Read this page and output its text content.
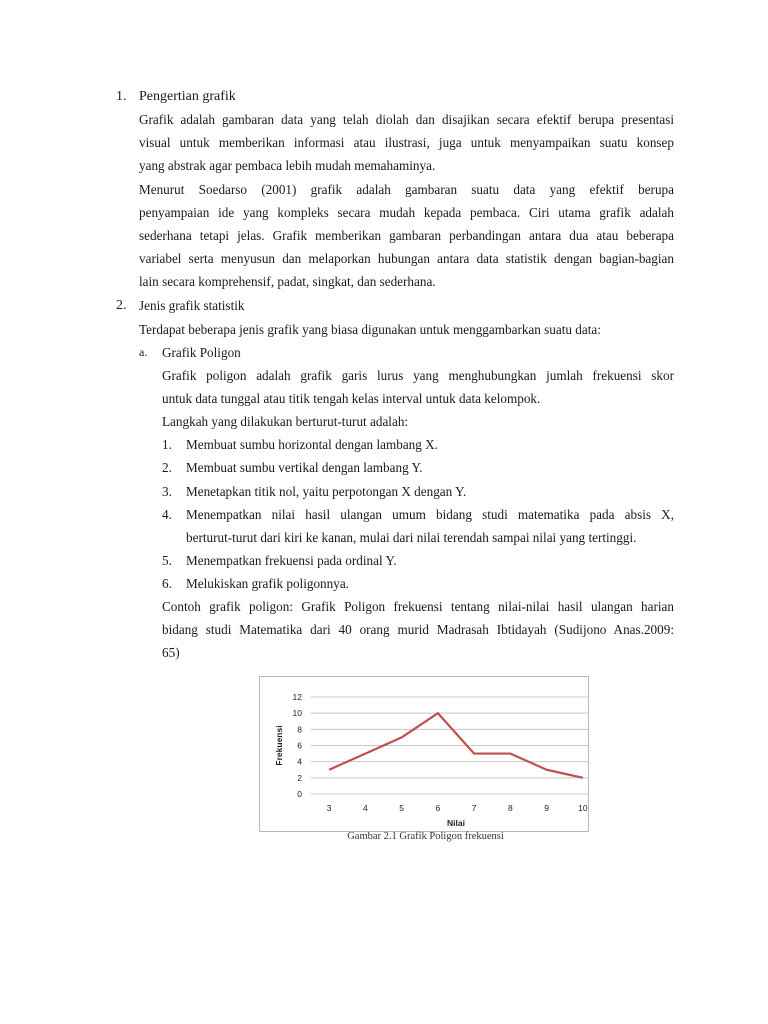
1. Pengertian grafik
Grafik adalah gambaran data yang telah diolah dan disajikan secara efektif berupa presentasi
visual untuk memberikan informasi atau ilustrasi, juga untuk menyampaikan suatu konsep
yang abstrak agar pembaca lebih mudah memahaminya.
Menurut Soedarso (2001) grafik adalah gambaran suatu data yang efektif berupa
penyampaian ide yang kompleks secara mudah kepada pembaca. Ciri utama grafik adalah
sederhana tetapi jelas. Grafik memberikan gambaran perbandingan antara dua atau beberapa
variabel serta menyusun dan melaporkan hubungan antara data statistik dengan bagian-bagian
lain secara komprehensif, padat, singkat, dan sederhana.
2. Jenis grafik statistik
Terdapat beberapa jenis grafik yang biasa digunakan untuk menggambarkan suatu data:
a. Grafik Poligon
Grafik poligon adalah grafik garis lurus yang menghubungkan jumlah frekuensi skor
untuk data tunggal atau titik tengah kelas interval untuk data kelompok.
Langkah yang dilakukan berturut-turut adalah:
1. Membuat sumbu horizontal dengan lambang X.
2. Membuat sumbu vertikal dengan lambang Y.
3. Menetapkan titik nol, yaitu perpotongan X dengan Y.
4. Menempatkan nilai hasil ulangan umum bidang studi matematika pada absis X,
berturut-turut dari kiri ke kanan, mulai dari nilai terendah sampai nilai yang tertinggi.
5. Menempatkan frekuensi pada ordinal Y.
6. Melukiskan grafik poligonnya.
Contoh grafik poligon: Grafik Poligon frekuensi tentang nilai-nilai hasil ulangan harian
bidang studi Matematika dari 40 orang murid Madrasah Ibtidayah (Sudijono Anas.2009:
65)
0
2
4
6
8
10
12
3	4	5	6	7	8	9	10
Nilai
Frekuensi
Gambar 2.1 Grafik Poligon frekuensi
